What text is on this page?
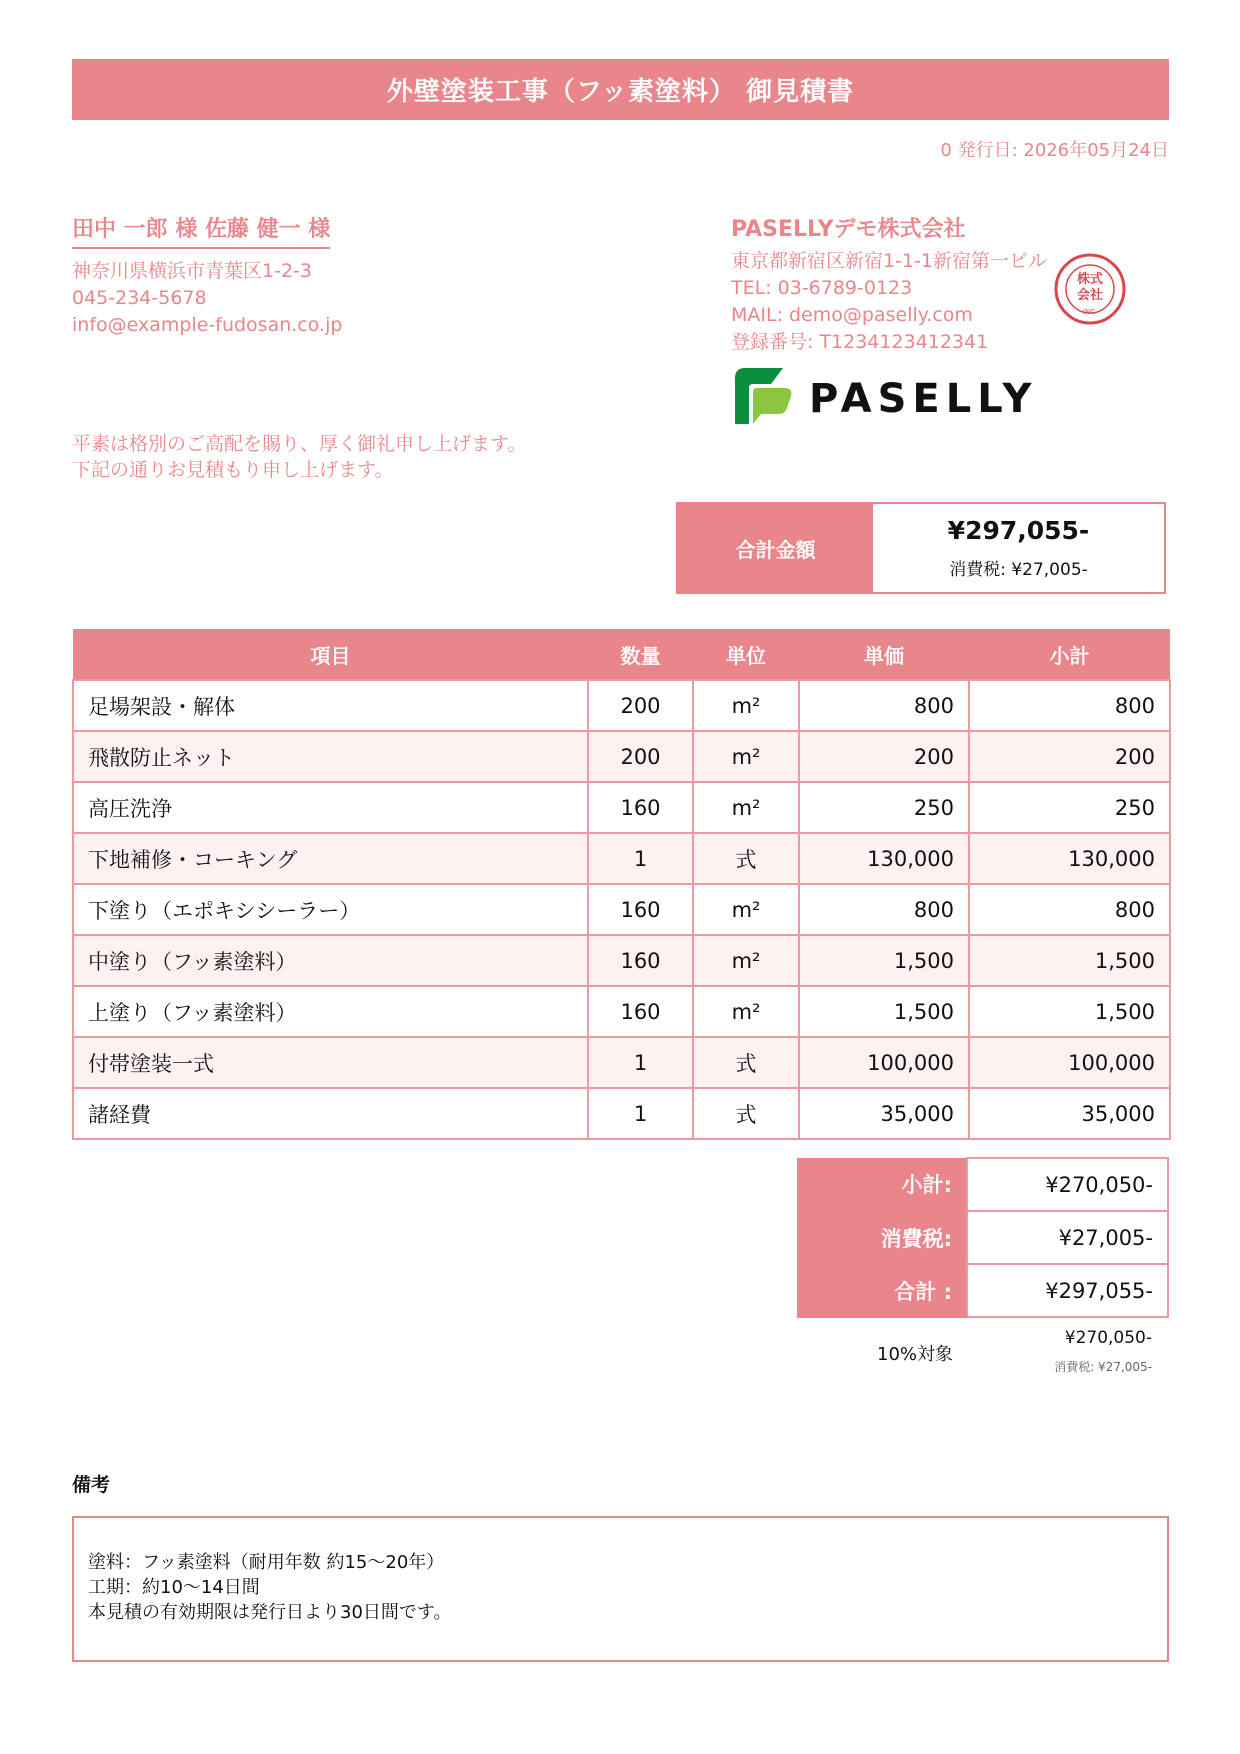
外壁塗装工事（フッ素塗料） 御見積書
0 発行日: 2026年05月24日
田中 一郎 様 佐藤 健一 様
神奈川県横浜市青葉区1-2-3
045-234-5678
info@example-fudosan.co.jp
PASELLYデモ株式会社
東京都新宿区新宿1-1-1新宿第一ビル
TEL: 03-6789-0123
MAIL: demo@paselly.com
登録番号: T1234123412341
株式
会社
INC.
PASELLY
平素は格別のご高配を賜り、厚く御礼申し上げます。
下記の通りお見積もり申し上げます。
合計金額
¥297,055-
消費税: ¥27,005-
項目	数量	単位	単価	小計
足場架設・解体	200	m²	800	800
飛散防止ネット	200	m²	200	200
高圧洗浄	160	m²	250	250
下地補修・コーキング	1	式	130,000	130,000
下塗り（エポキシシーラー）	160	m²	800	800
中塗り（フッ素塗料）	160	m²	1,500	1,500
上塗り（フッ素塗料）	160	m²	1,500	1,500
付帯塗装一式	1	式	100,000	100,000
諸経費	1	式	35,000	35,000
小計:	¥270,050-
消費税:	¥27,005-
合計 :	¥297,055-
10%対象
¥270,050-
消費税: ¥27,005-
備考
塗料：フッ素塗料（耐用年数 約15〜20年）
工期：約10〜14日間
本見積の有効期限は発行日より30日間です。
